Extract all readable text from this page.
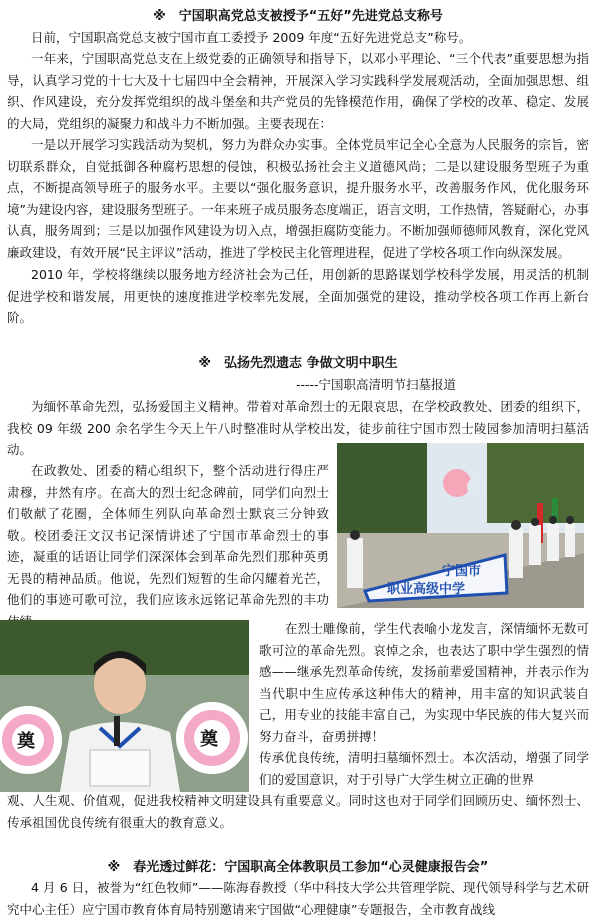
※　宁国职高党总支被授予“五好”先进党总支称号

日前，宁国职高党总支被宁国市直工委授予 2009 年度“五好先进党总支”称号。

一年来，宁国职高党总支在上级党委的正确领导和指导下，以邓小平理论、“三个代表”重要思想为指导，认真学习党的十七大及十七届四中全会精神，开展深入学习实践科学发展观活动，全面加强思想、组织、作风建设，充分发挥党组织的战斗堡垒和共产党员的先锋模范作用，确保了学校的改革、稳定、发展的大局，党组织的凝聚力和战斗力不断加强。主要表现在：

一是以开展学习实践活动为契机，努力为群众办实事。全体党员牢记全心全意为人民服务的宗旨，密切联系群众，自觉抵御各种腐朽思想的侵蚀，积极弘扬社会主义道德风尚；二是以建设服务型班子为重点，不断提高领导班子的服务水平。主要以“强化服务意识，提升服务水平，改善服务作风，优化服务环境”为建设内容，建设服务型班子。一年来班子成员服务态度端正，语言文明，工作热情，答疑耐心，办事认真，服务周到；三是以加强作风建设为切入点，增强拒腐防变能力。不断加强师德师风教育，深化党风廉政建设，有效开展“民主评议”活动，推进了学校民主化管理进程，促进了学校各项工作向纵深发展。

2010 年，学校将继续以服务地方经济社会为己任，用创新的思路谋划学校科学发展，用灵活的机制促进学校和谐发展，用更快的速度推进学校率先发展，全面加强党的建设，推动学校各项工作再上新台阶。

※　弘扬先烈遗志 争做文明中职生
-----宁国职高清明节扫墓报道

为缅怀革命先烈，弘扬爱国主义精神。带着对革命烈士的无限哀思，在学校政教处、团委的组织下，我校 09 年级 200 余名学生今天上午八时整准时从学校出发，徒步前往宁国市烈士陵园参加清明扫墓活动。

在政教处、团委的精心组织下，整个活动进行得庄严肃穆，井然有序。在高大的烈士纪念碑前，同学们向烈士们敬献了花圈，全体师生列队向革命烈士默哀三分钟致敬。校团委汪文汉书记深情讲述了宁国市革命烈士的事迹，凝重的话语让同学们深深体会到革命先烈们那种英勇无畏的精神品质。他说，先烈们短暂的生命闪耀着光芒，他们的事迹可歌可泣，我们应该永远铭记革命先烈的丰功

宁国市
职业高级中学
奠	奠

在烈士雕像前，学生代表喻小龙发言，深情缅怀无数可歌可泣的革命先烈。哀悼之余，也表达了职中学生强烈的情感——继承先烈革命传统，发扬前辈爱国精神，并表示作为当代职中生应传承这种伟大的精神，用丰富的知识武装自己，用专业的技能丰富自己，为实现中华民族的伟大复兴而努力奋斗，奋勇拼搏！

传承优良传统，清明扫墓缅怀烈士。本次活动，增强了同学们的爱国意识，对于引导广大学生树立正确的世界

观、人生观、价值观，促进我校精神文明建设具有重要意义。同时这也对于同学们回顾历史、缅怀烈士、传承祖国优良传统有很重大的教育意义。

※　春光透过鲜花：宁国职高全体教职员工参加“心灵健康报告会”

4 月 6 日，被誉为“红色牧师”——陈海春教授（华中科技大学公共管理学院、现代领导科学与艺术研究中心主任）应宁国市教育体育局特别邀请来宁国做“心理健康”专题报告，全市教育战线
